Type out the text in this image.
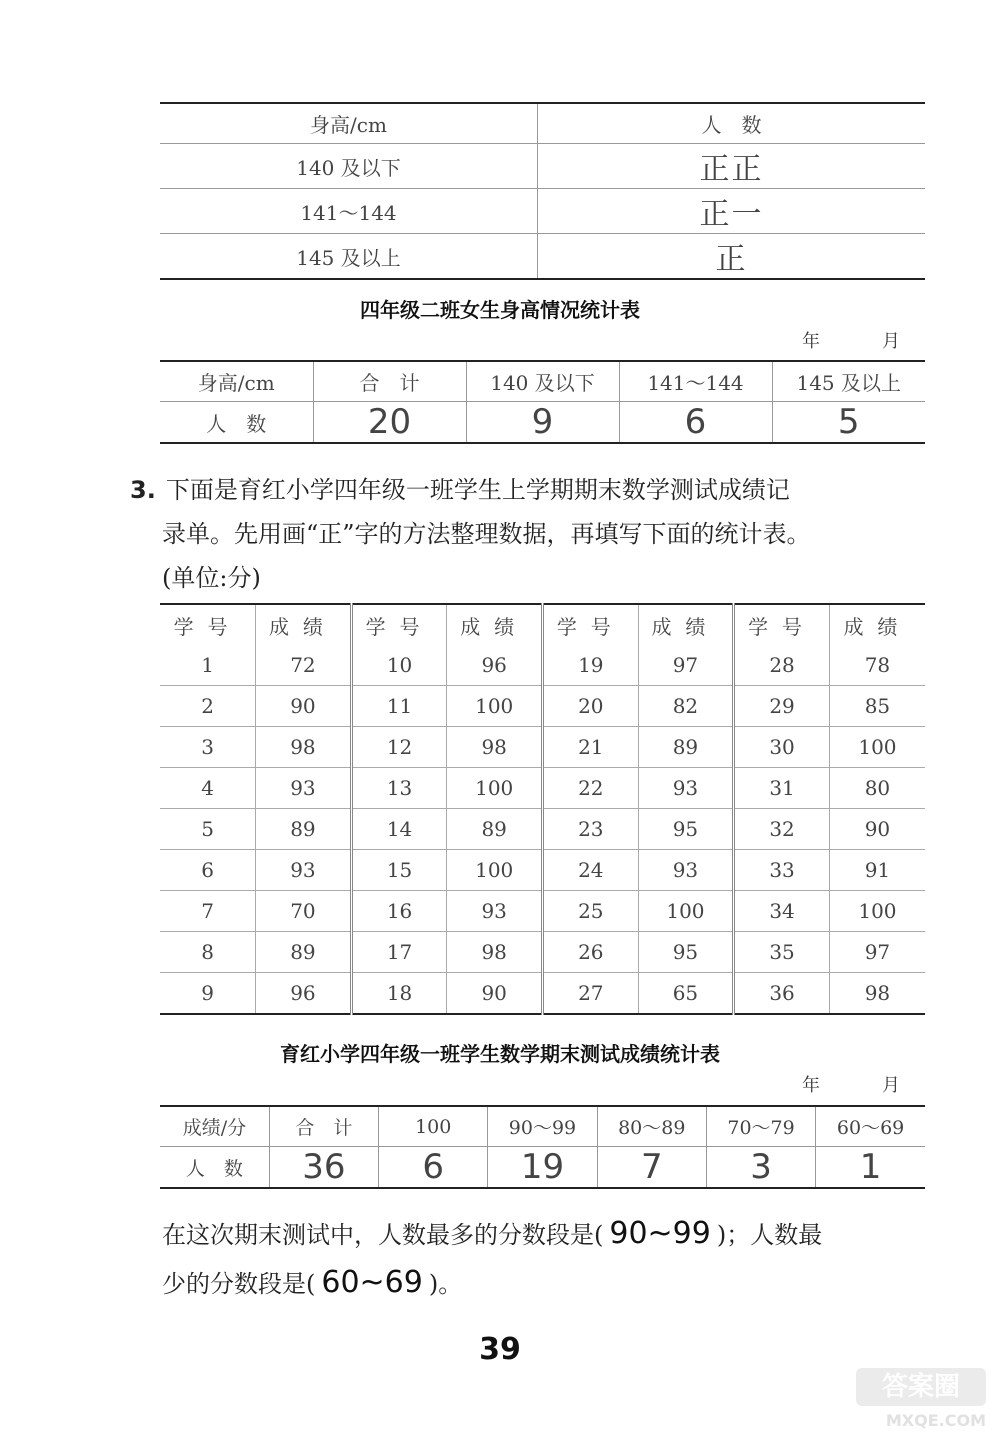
身高/cm	人　数
140 及以下	正正
141～144	正一
145 及以上	正
四年级二班女生身高情况统计表
年　月
身高/cm	合　计	140 及以下	141～144	145 及以上
人　数	20	9	6	5
3. 下面是育红小学四年级一班学生上学期期末数学测试成绩记
录单。先用画“正”字的方法整理数据，再填写下面的统计表。
(单位:分)
学号	成绩	学号	成绩	学号	成绩	学号	成绩
1	72	10	96	19	97	28	78
2	90	11	100	20	82	29	85
3	98	12	98	21	89	30	100
4	93	13	100	22	93	31	80
5	89	14	89	23	95	32	90
6	93	15	100	24	93	33	91
7	70	16	93	25	100	34	100
8	89	17	98	26	95	35	97
9	96	18	90	27	65	36	98
育红小学四年级一班学生数学期末测试成绩统计表
年　月
成绩/分	合　计	100	90～99	80～89	70～79	60～69
人　数	36	6	19	7	3	1
在这次期末测试中，人数最多的分数段是( 90~99 )；人数最
少的分数段是( 60~69 )。
39
答案圈
MXQE.COM
